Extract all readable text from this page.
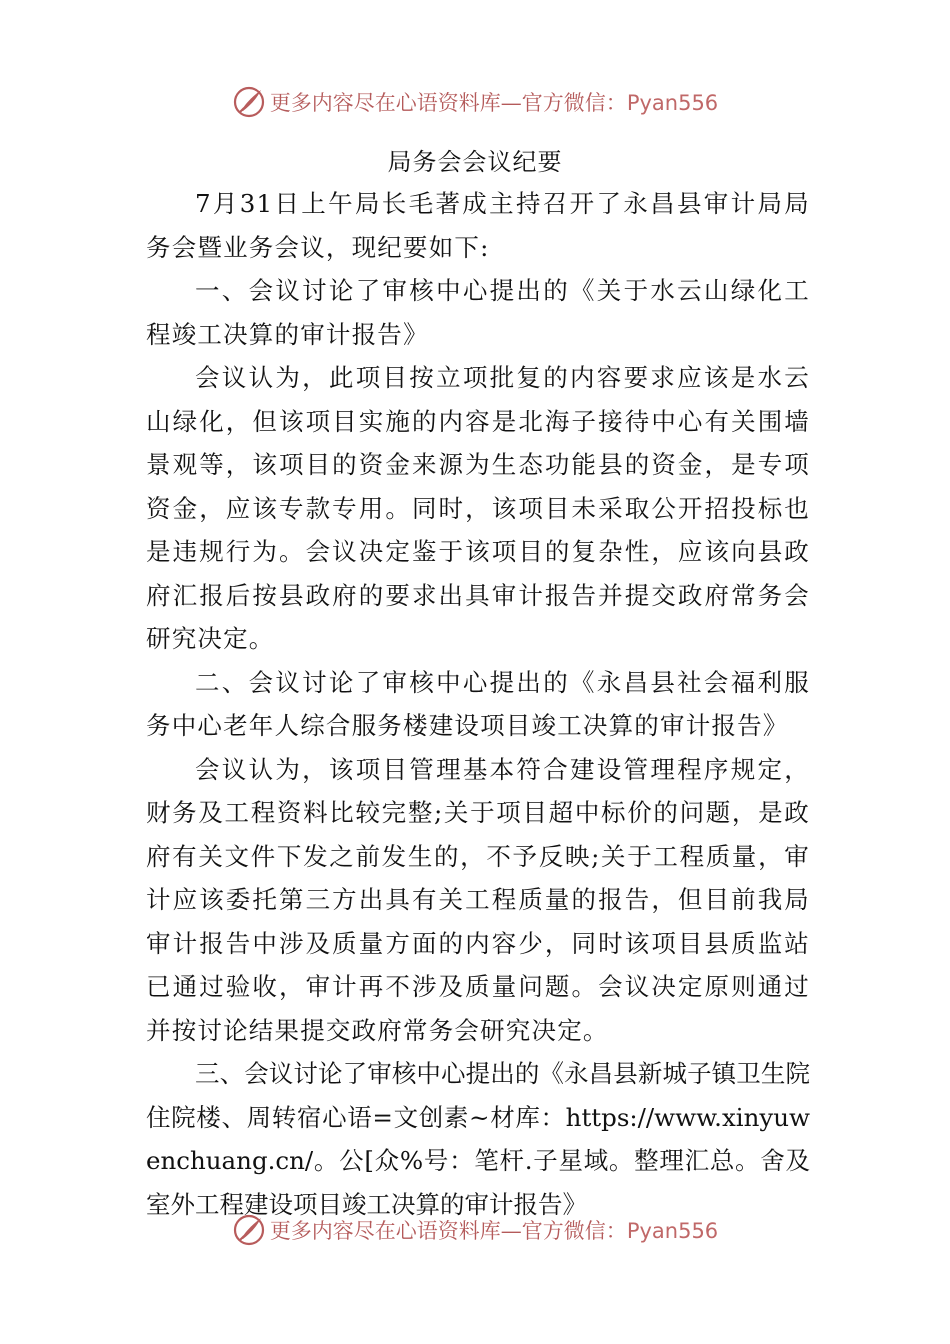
更多内容尽在心语资料库—官方微信：Pyan556
局务会会议纪要

7月31日上午局长毛著成主持召开了永昌县审计局局务会暨业务会议，现纪要如下:

一、会议讨论了审核中心提出的《关于水云山绿化工程竣工决算的审计报告》

会议认为，此项目按立项批复的内容要求应该是水云山绿化，但该项目实施的内容是北海子接待中心有关围墙景观等，该项目的资金来源为生态功能县的资金，是专项资金，应该专款专用。同时，该项目未采取公开招投标也是违规行为。会议决定鉴于该项目的复杂性，应该向县政府汇报后按县政府的要求出具审计报告并提交政府常务会研究决定。

二、会议讨论了审核中心提出的《永昌县社会福利服务中心老年人综合服务楼建设项目竣工决算的审计报告》

会议认为，该项目管理基本符合建设管理程序规定，财务及工程资料比较完整;关于项目超中标价的问题，是政府有关文件下发之前发生的，不予反映;关于工程质量，审计应该委托第三方出具有关工程质量的报告，但目前我局审计报告中涉及质量方面的内容少，同时该项目县质监站已通过验收，审计再不涉及质量问题。会议决定原则通过并按讨论结果提交政府常务会研究决定。

三、会议讨论了审核中心提出的《永昌县新城子镇卫生院住院楼、周转宿心语=文创素~材库：https://www.xinyuwenchuang.cn/。公[众%号：笔杆.子星域。整理汇总。舍及室外工程建设项目竣工决算的审计报告》

更多内容尽在心语资料库—官方微信：Pyan556
